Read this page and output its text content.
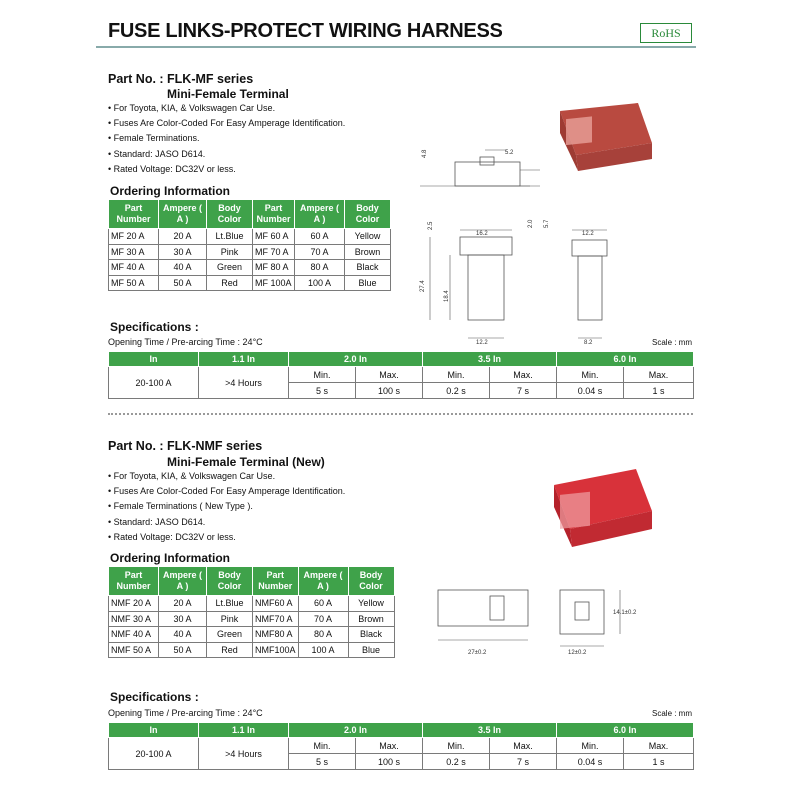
FUSE LINKS-PROTECT WIRING HARNESS	RoHS
Part No. : FLK-MF series
Mini-Female Terminal
• For Toyota, KIA, & Volkswagen Car Use.
• Fuses Are Color-Coded For Easy Amperage Identification.
• Female Terminations.
• Standard: JASO D614.
• Rated Voltage: DC32V or less.
Ordering Information
Part Number	Ampere ( A )	Body Color	Part Number	Ampere ( A )	Body Color
MF 20 A	20 A	Lt.Blue	MF 60 A	60 A	Yellow
MF 30 A	30 A	Pink	MF 70 A	70 A	Brown
MF 40 A	40 A	Green	MF 80 A	80 A	Black
MF 50 A	50 A	Red	MF 100A	100 A	Blue
5.2
4.8
2.0 5.7
16.2
2.5
27.4
18.4
12.2
12.2
8.2
Specifications :
Opening Time / Pre-arcing Time : 24°C	Scale : mm
In	1.1 In	2.0 In		3.5 In		6.0 In	
20-100 A	>4 Hours	Min.	Max.	Min.	Max.	Min.	Max.
		5 s	100 s	0.2 s	7 s	0.04 s	1 s
Part No. : FLK-NMF series
Mini-Female Terminal (New)
• For Toyota, KIA, & Volkswagen Car Use.
• Fuses Are Color-Coded For Easy Amperage Identification.
• Female Terminations ( New Type ).
• Standard: JASO D614.
• Rated Voltage: DC32V or less.
Ordering Information
Part Number	Ampere ( A )	Body Color	Part Number	Ampere ( A )	Body Color
NMF 20 A	20 A	Lt.Blue	NMF60 A	60 A	Yellow
NMF 30 A	30 A	Pink	NMF70 A	70 A	Brown
NMF 40 A	40 A	Green	NMF80 A	80 A	Black
NMF 50 A	50 A	Red	NMF100A	100 A	Blue	27±0.2
14.1±0.2
12±0.2
Specifications :
Opening Time / Pre-arcing Time : 24°C	Scale : mm
In	1.1 In	2.0 In		3.5 In		6.0 In	
20-100 A	>4 Hours	Min.	Max.	Min.	Max.	Min.	Max.
		5 s	100 s	0.2 s	7 s	0.04 s	1 s
